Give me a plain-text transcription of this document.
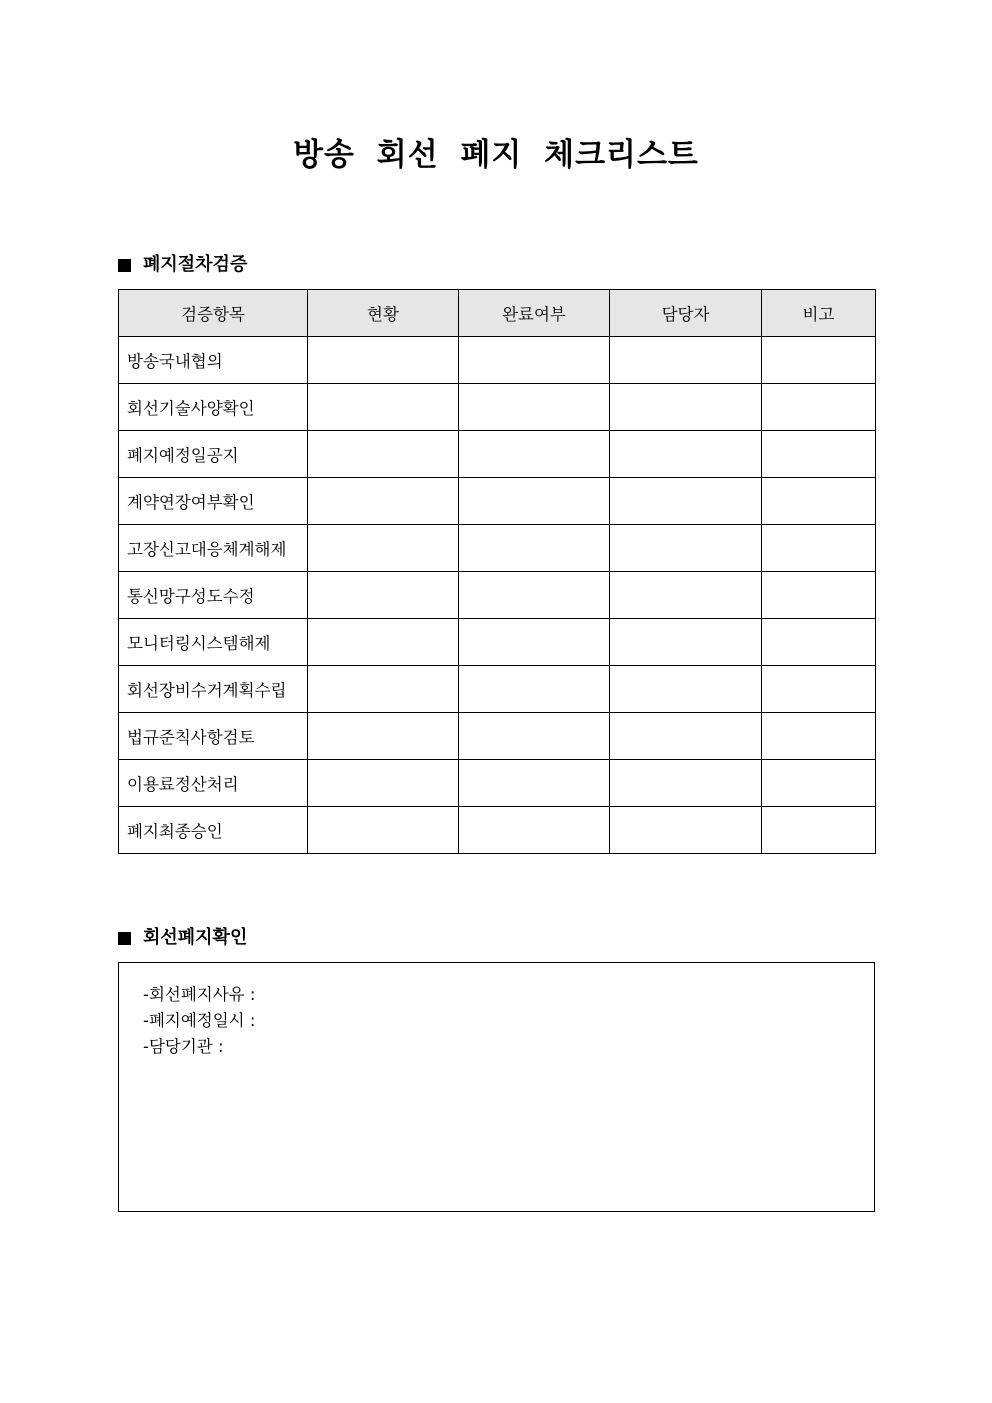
방송 회선 폐지 체크리스트
폐지절차검증
검증항목	현황	완료여부	담당자	비고
방송국내협의				
회선기술사양확인				
폐지예정일공지				
계약연장여부확인				
고장신고대응체계해제				
통신망구성도수정				
모니터링시스템해제				
회선장비수거계획수립				
법규준칙사항검토				
이용료정산처리				
폐지최종승인				
회선폐지확인
-회선폐지사유 :
-폐지예정일시 :
-담당기관 :
